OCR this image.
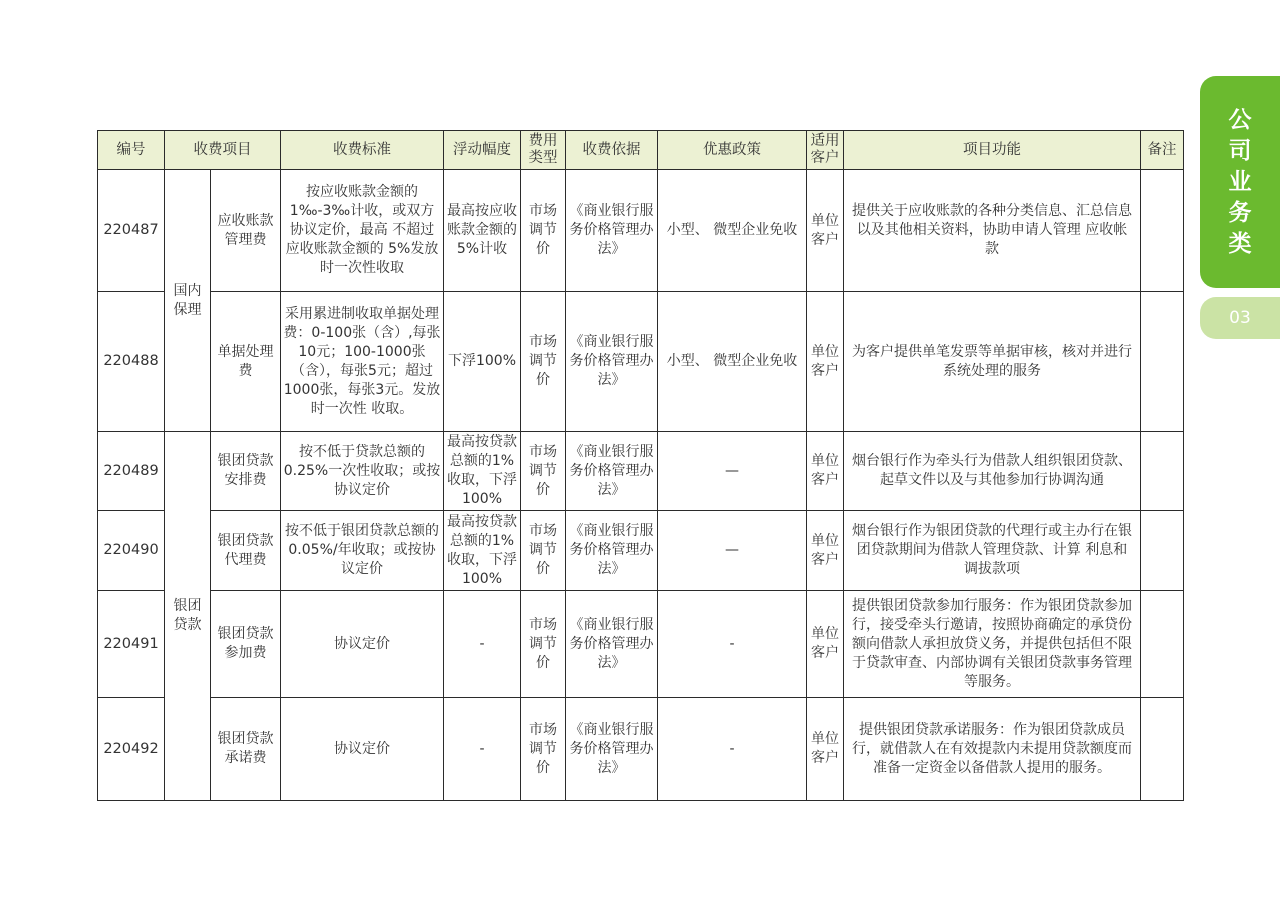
编号	收费项目		收费标准	浮动幅度	费用类型	收费依据	优惠政策	适用客户	项目功能	备注
220487	国内保理	应收账款管理费	按应收账款金额的1‰-3‰计收，或双方协议定价，最高 不超过应收账款金额的 5%发放时一次性收取	最高按应收账款金额的5%计收	市场调节价	《商业银行服务价格管理办法》	小型、 微型企业免收	单位客户	提供关于应收账款的各种分类信息、汇总信息以及其他相关资料，协助申请人管理 应收帐款	
220488		单据处理费	采用累进制收取单据处理费：0-100张（含）,每张10元；100-1000张（含），每张5元；超过1000张，每张3元。发放时一次性 收取。	下浮100%	市场调节价	《商业银行服务价格管理办法》	小型、 微型企业免收	单位客户	为客户提供单笔发票等单据审核，核对并进行系统处理的服务	
220489	银团贷款	银团贷款安排费	按不低于贷款总额的0.25%一次性收取；或按协议定价	最高按贷款总额的1%收取，下浮100%	市场调节价	《商业银行服务价格管理办法》	—	单位客户	烟台银行作为牵头行为借款人组织银团贷款、起草文件以及与其他参加行协调沟通	
220490		银团贷款代理费	按不低于银团贷款总额的0.05%/年收取；或按协议定价	最高按贷款总额的1%收取，下浮100%	市场调节价	《商业银行服务价格管理办法》	—	单位客户	烟台银行作为银团贷款的代理行或主办行在银团贷款期间为借款人管理贷款、计算 利息和调拔款项	
220491		银团贷款参加费	协议定价	-	市场调节价	《商业银行服务价格管理办法》	-	单位客户	提供银团贷款参加行服务：作为银团贷款参加行，接受牵头行邀请，按照协商确定的承贷份额向借款人承担放贷义务，并提供包括但不限于贷款审查、内部协调有关银团贷款事务管理等服务。	
220492		银团贷款承诺费	协议定价	-	市场调节价	《商业银行服务价格管理办法》	-	单位客户	提供银团贷款承诺服务：作为银团贷款成员行，就借款人在有效提款内未提用贷款额度而准备一定资金以备借款人提用的服务。	
公司业务类
03
